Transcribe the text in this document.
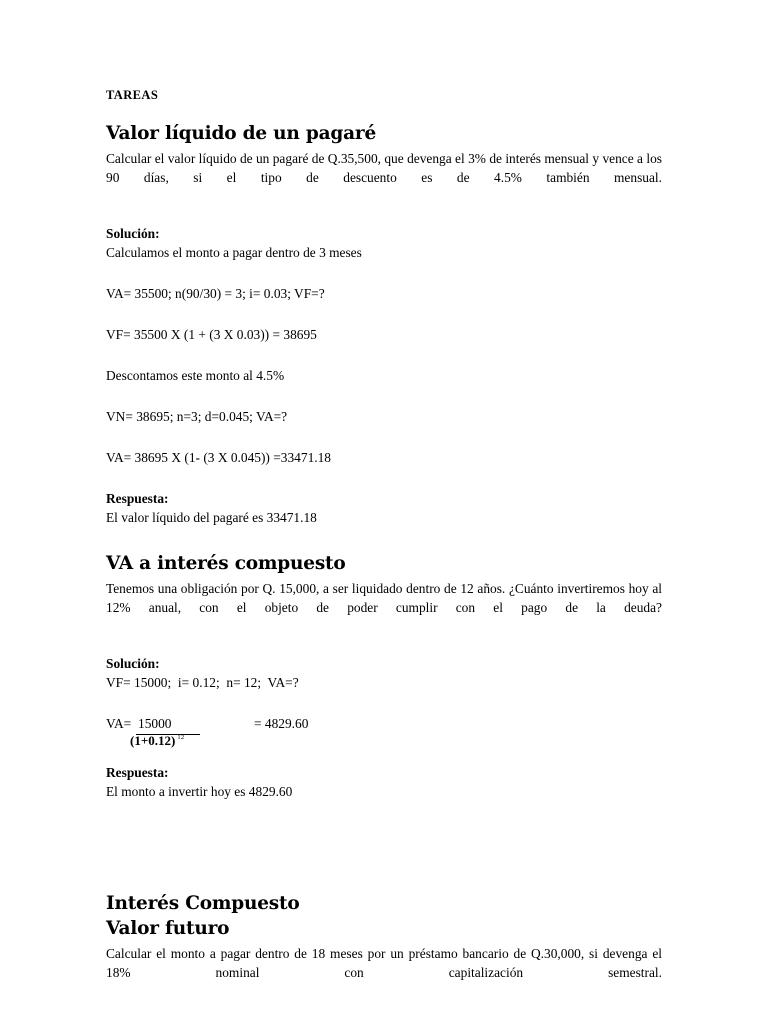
TAREAS
Valor líquido de un pagaré

Calcular el valor líquido de un pagaré de Q.35,500, que devenga el 3% de interés mensual y vence a los 90 días, si el tipo de descuento es de 4.5% también mensual.

Solución:

Calculamos el monto a pagar dentro de 3 meses

VA= 35500; n(90/30) = 3; i= 0.03; VF=?

VF= 35500 X (1 + (3 X 0.03)) = 38695

Descontamos este monto al 4.5%

VN= 38695; n=3; d=0.045; VA=?

VA= 38695 X (1- (3 X 0.045)) =33471.18

Respuesta:

El valor líquido del pagaré es 33471.18

VA a interés compuesto

Tenemos una obligación por Q. 15,000, a ser liquidado dentro de 12 años. ¿Cuánto invertiremos hoy al 12% anual, con el objeto de poder cumplir con el pago de la deuda?

Solución:

VF= 15000;  i= 0.12;  n= 12;  VA=?

VA= 15000
(1+0.12) $^{12}$
= 4829.60
Respuesta:

El monto a invertir hoy es 4829.60

Interés Compuesto
Valor futuro

Calcular el monto a pagar dentro de 18 meses por un préstamo bancario de Q.30,000, si devenga el 18% nominal con capitalización semestral.
